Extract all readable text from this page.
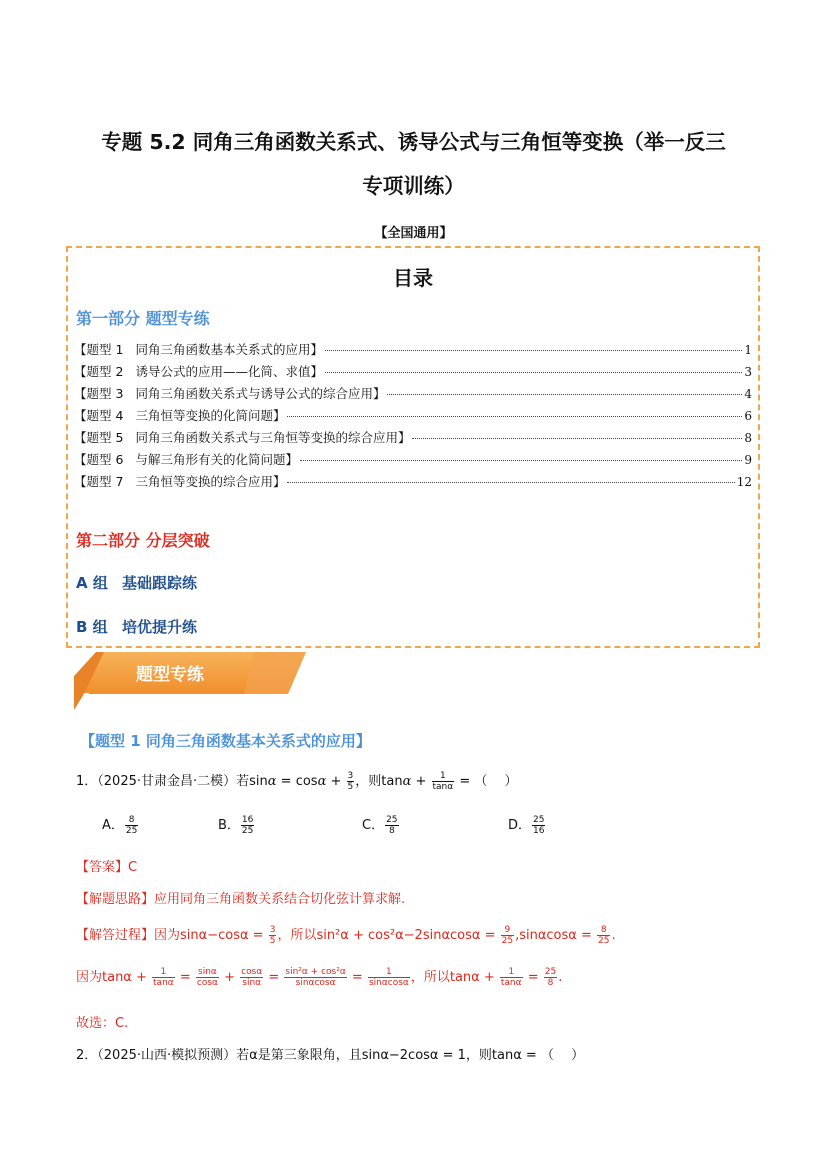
专题 5.2 同角三角函数关系式、诱导公式与三角恒等变换（举一反三
专项训练）
【全国通用】
目录
第一部分 题型专练
【题型 1 同角三角函数基本关系式的应用】	1
【题型 2 诱导公式的应用——化简、求值】	3
【题型 3 同角三角函数关系式与诱导公式的综合应用】	4
【题型 4 三角恒等变换的化简问题】	6
【题型 5 同角三角函数关系式与三角恒等变换的综合应用】	8
【题型 6 与解三角形有关的化简问题】	9
【题型 7 三角恒等变换的综合应用】	12
第二部分 分层突破
A 组 基础跟踪练
B 组 培优提升练
1
题型专练
【题型 1 同角三角函数基本关系式的应用】
1．（2025·甘肃金昌·二模）若$\sin\alpha = \cos\alpha + \frac{3}{5}$ ，则$\tan\alpha + \frac{1}{\tan\alpha}$ = （　 ）
A． $\frac{8}{25}$	B． $\frac{16}{25}$	C． $\frac{25}{8}$	D． $\frac{25}{16}$
【答案】C
【解题思路】应用同角三角函数关系结合切化弦计算求解.
【解答过程】因为$\sin\alpha-\cos\alpha = \frac{3}{5}$ ，所以$\sin^2\alpha + \cos^2\alpha-2\sin\alpha\cos\alpha = \frac{9}{25} ,\sin\alpha\cos\alpha = \frac{8}{25}$ .
因为$\tan\alpha + \frac{1}{\tan\alpha} = \frac{\sin\alpha}{\cos\alpha} + \frac{\cos\alpha}{\sin\alpha} = \frac{\text{sin²α + cos²α}}{\sin\alpha\cos\alpha} = \frac{1}{\sin\alpha\cos\alpha}$ ，所以$\tan\alpha + \frac{1}{\tan\alpha} = \frac{25}{8}$ .
故选：C.
2．（2025·山西·模拟预测）若α是第三象限角，且sinα−2cosα = 1，则tanα = （　 ）
